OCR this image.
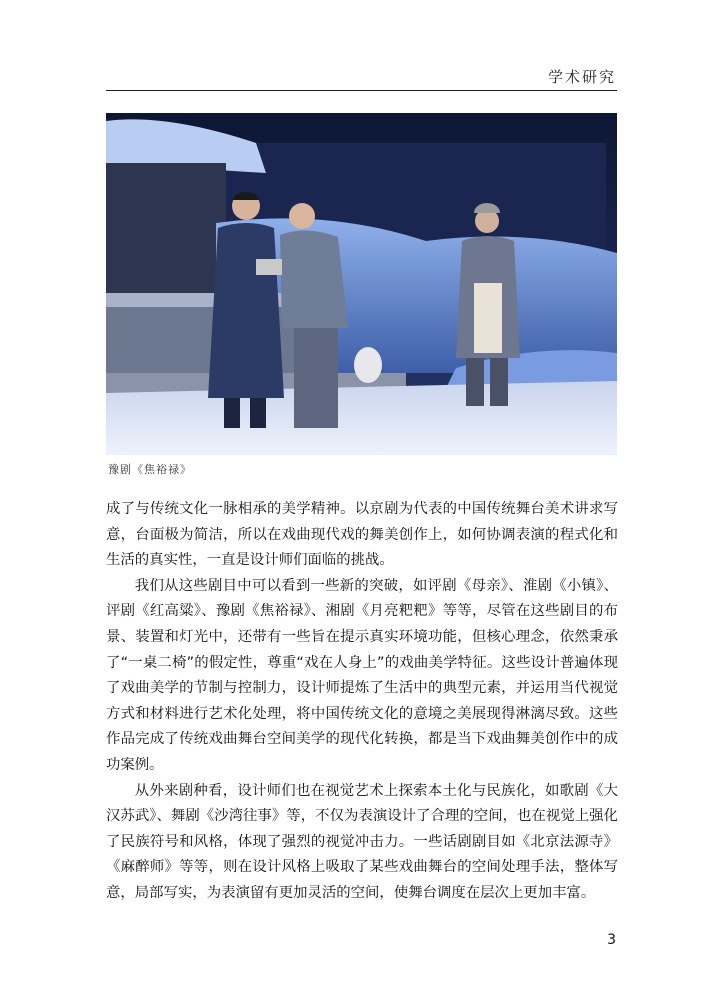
学术研究
豫剧《焦裕禄》

成了与传统文化一脉相承的美学精神。以京剧为代表的中国传统舞台美术讲求写意，台面极为简洁，所以在戏曲现代戏的舞美创作上，如何协调表演的程式化和生活的真实性，一直是设计师们面临的挑战。

我们从这些剧目中可以看到一些新的突破，如评剧《母亲》、淮剧《小镇》、评剧《红高粱》、豫剧《焦裕禄》、湘剧《月亮粑粑》等等，尽管在这些剧目的布景、装置和灯光中，还带有一些旨在提示真实环境功能，但核心理念，依然秉承了“一桌二椅”的假定性，尊重“戏在人身上”的戏曲美学特征。这些设计普遍体现了戏曲美学的节制与控制力，设计师提炼了生活中的典型元素，并运用当代视觉方式和材料进行艺术化处理，将中国传统文化的意境之美展现得淋漓尽致。这些作品完成了传统戏曲舞台空间美学的现代化转换，都是当下戏曲舞美创作中的成功案例。

从外来剧种看，设计师们也在视觉艺术上探索本土化与民族化，如歌剧《大汉苏武》、舞剧《沙湾往事》等，不仅为表演设计了合理的空间，也在视觉上强化了民族符号和风格，体现了强烈的视觉冲击力。一些话剧剧目如《北京法源寺》《麻醉师》等等，则在设计风格上吸取了某些戏曲舞台的空间处理手法，整体写意，局部写实，为表演留有更加灵活的空间，使舞台调度在层次上更加丰富。

3
